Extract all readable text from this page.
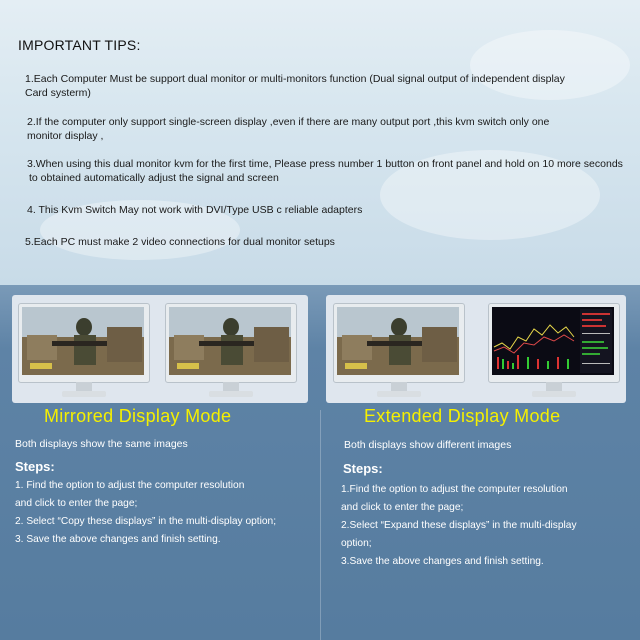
IMPORTANT TIPS:
1.Each Computer Must be support dual monitor or multi-monitors function (Dual signal output of independent display
Card systerm)
2.If the computer only support single-screen display ,even if there are many output port ,this kvm switch only one
monitor display ,
3.When using this dual monitor kvm for the first time, Please press number 1 button on front panel and hold on 10 more seconds
to obtained automatically adjust the signal and screen
4. This Kvm Switch May not work with DVI/Type USB c reliable adapters
5.Each PC must make 2 video connections for dual monitor setups
Mirrored Display Mode
Both displays show the same images
Steps:
1. Find the option to adjust the computer resolution
and click to enter the page;
2. Select “Copy these displays” in the multi-display option;
3. Save the above changes and finish setting.
Extended Display Mode
Both displays show different images
Steps:
1.Find the option to adjust the computer resolution
and click to enter the page;
2.Select “Expand these displays” in the multi-display
option;
3.Save the above changes and finish setting.
